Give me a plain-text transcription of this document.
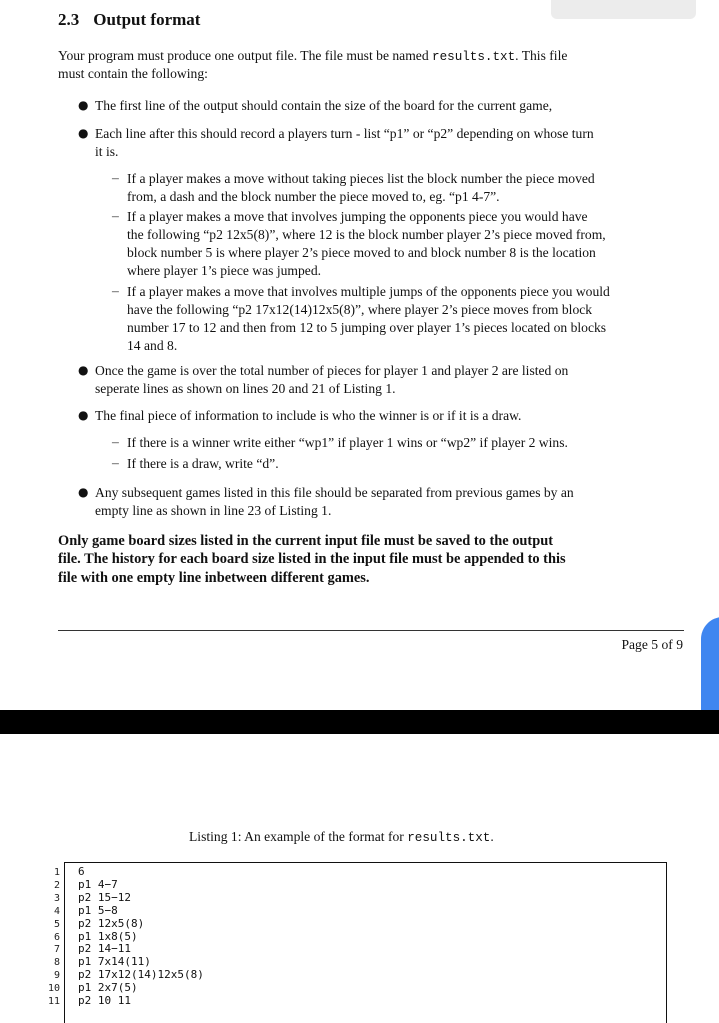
2.3 Output format
Your program must produce one output file. The file must be named results.txt. This file
must contain the following:
● The first line of the output should contain the size of the board for the current game,
● Each line after this should record a players turn - list “p1” or “p2” depending on whose turn
it is.
– If a player makes a move without taking pieces list the block number the piece moved
from, a dash and the block number the piece moved to, eg. “p1 4-7”.
– If a player makes a move that involves jumping the opponents piece you would have
the following “p2 12x5(8)”, where 12 is the block number player 2’s piece moved from,
block number 5 is where player 2’s piece moved to and block number 8 is the location
where player 1’s piece was jumped.
– If a player makes a move that involves multiple jumps of the opponents piece you would
have the following “p2 17x12(14)12x5(8)”, where player 2’s piece moves from block
number 17 to 12 and then from 12 to 5 jumping over player 1’s pieces located on blocks
14 and 8.
● Once the game is over the total number of pieces for player 1 and player 2 are listed on
seperate lines as shown on lines 20 and 21 of Listing 1.
● The final piece of information to include is who the winner is or if it is a draw.
– If there is a winner write either “wp1” if player 1 wins or “wp2” if player 2 wins.
– If there is a draw, write “d”.
● Any subsequent games listed in this file should be separated from previous games by an
empty line as shown in line 23 of Listing 1.
Only game board sizes listed in the current input file must be saved to the output
file. The history for each board size listed in the input file must be appended to this
file with one empty line inbetween different games.
Page 5 of 9
Listing 1: An example of the format for results.txt.
1
2
3
4
5
6
7
8
9
10
11
6
p1 4−7
p2 15−12
p1 5−8
p2 12x5(8)
p1 1x8(5)
p2 14−11
p1 7x14(11)
p2 17x12(14)12x5(8)
p1 2x7(5)
p2 10 11
